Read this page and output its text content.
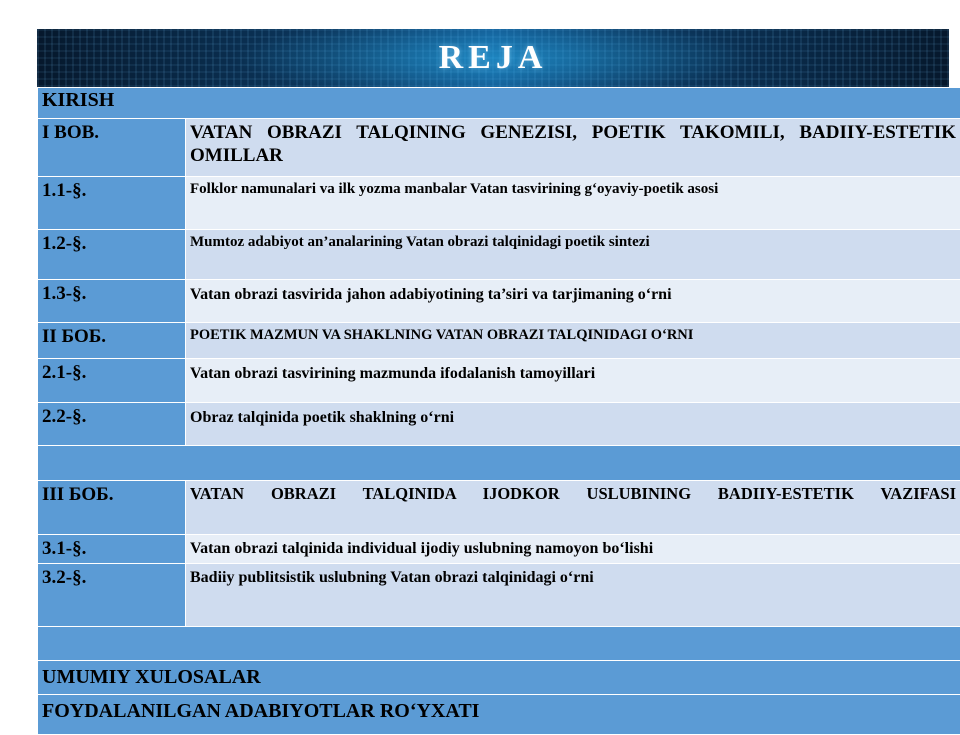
REJA
KIRISH	
I BOB.	VATAN OBRAZI TALQINING GENEZISI, POETIK TAKOMILI, BADIIY-ESTETIK OMILLAR
1.1-§.	Folklor namunalari va ilk yozma manbalar Vatan tasvirining g‘oyaviy-poetik asosi
1.2-§.	Mumtoz adabiyot an’analarining Vatan obrazi talqinidagi poetik sintezi
1.3-§.	Vatan obrazi tasvirida jahon adabiyotining ta’siri va tarjimaning o‘rni
II БОБ.	POETIK MAZMUN VA SHAKLNING VATAN OBRAZI TALQINIDAGI O‘RNI
2.1-§.	Vatan obrazi tasvirining mazmunda ifodalanish tamoyillari
2.2-§.	Obraz talqinida poetik shaklning o‘rni

III БОБ.	VATAN OBRAZI TALQINIDA IJODKOR USLUBINING BADIIY-ESTETIK VAZIFASI
3.1-§.	Vatan obrazi talqinida individual ijodiy uslubning namoyon bo‘lishi
3.2-§.	Badiiy publitsistik uslubning Vatan obrazi talqinidagi o‘rni

UMUMIY XULOSALAR	
FOYDALANILGAN ADABIYOTLAR RO‘YXATI	
